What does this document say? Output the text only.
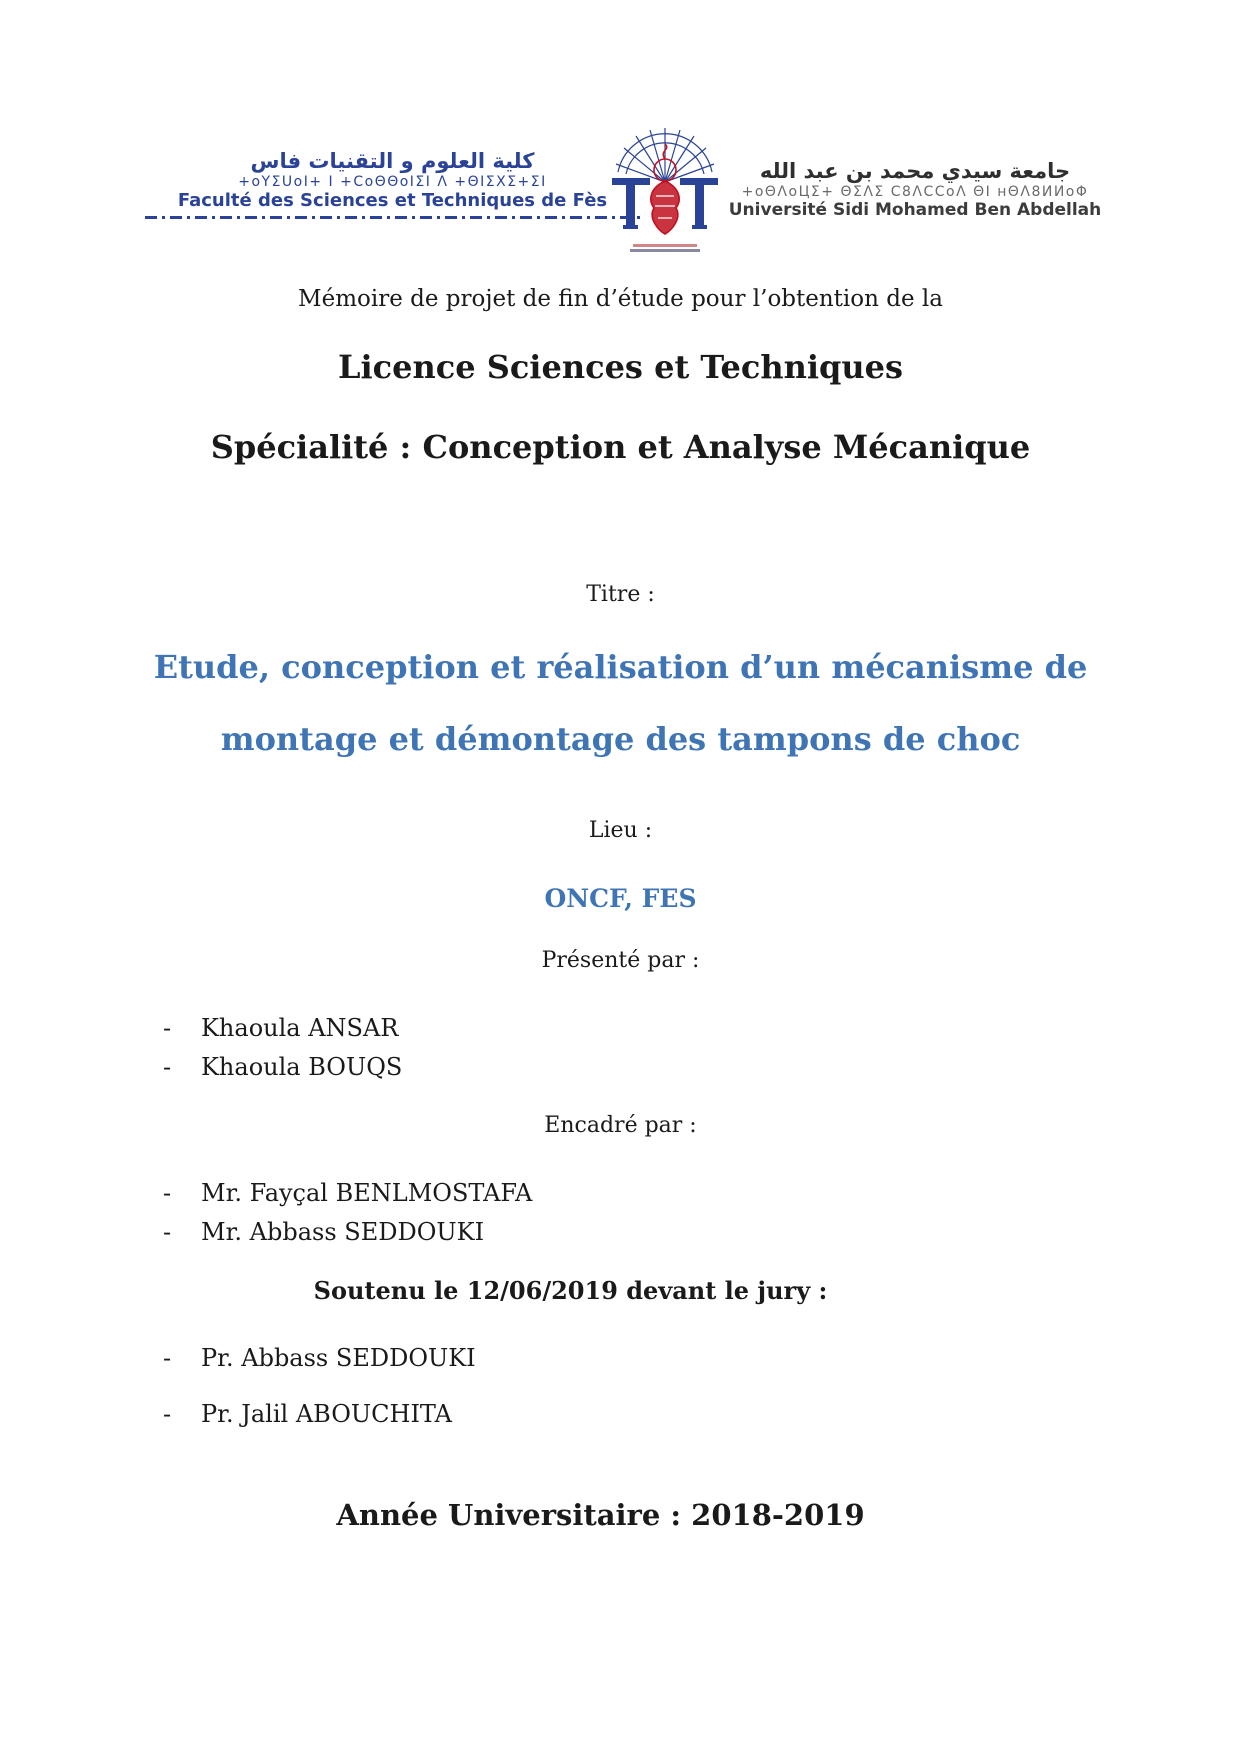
كلية العلوم و التقنيات فاس
+oYΣUoI+ I +CoΘΘoIΣI Λ +ΘIΣXΣ+ΣI
Faculté des Sciences et Techniques de Fès
جامعة سيدي محمد بن عبد الله
+oΘΛoЦΣ+ ΘΣΛΣ C8ΛCCoΛ ΘI ʜΘΛ8ИИoΦ
Université Sidi Mohamed Ben Abdellah
Mémoire de projet de fin d’étude pour l’obtention de la
Licence Sciences et Techniques
Spécialité : Conception et Analyse Mécanique
Titre :
Etude, conception et réalisation d’un mécanisme de
montage et démontage des tampons de choc
Lieu :
ONCF, FES
Présenté par :
-	Khaoula ANSAR
-	Khaoula BOUQS
Encadré par :
-	Mr. Fayçal BENLMOSTAFA
-	Mr. Abbass SEDDOUKI
Soutenu le 12/06/2019 devant le jury :
-	Pr. Abbass SEDDOUKI
-	Pr. Jalil ABOUCHITA
Année Universitaire : 2018-2019
